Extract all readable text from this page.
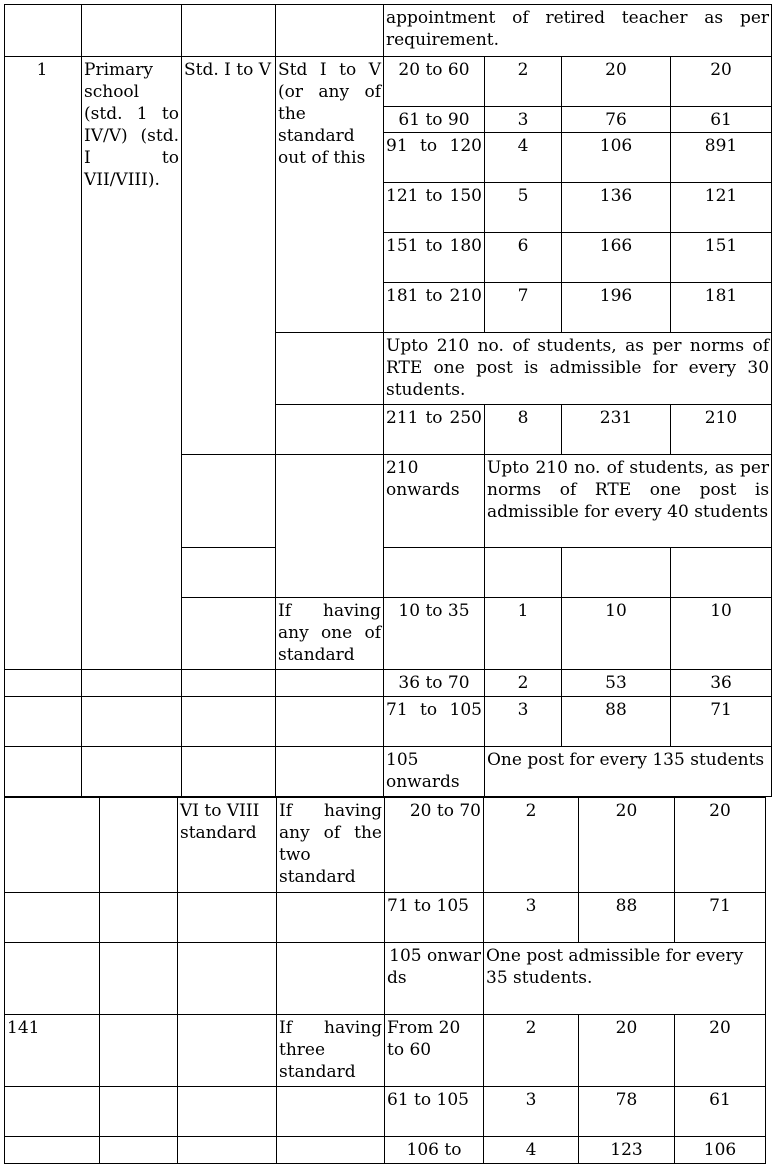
				appointment of retired teacher as per requirement.			
1	Primary school (std. 1 to IV/V) (std. I to VII/VIII).	Std. I to V	Std I to V (or any of the standard out of this	20 to 60	2	20	20
				61 to 90	3	76	61
				91 to 120	4	106	891
				121 to 150	5	136	121
				151 to 180	6	166	151
				181 to 210	7	196	181
				Upto 210 no. of students, as per norms of RTE one post is admissible for every 30 students.			
				211 to 250	8	231	210
				210 onwards	Upto 210 no. of students, as per norms of RTE one post is admissible for every 40 students		

			If having any one of standard	10 to 35	1	10	10
				36 to 70	2	53	36
				71 to 105	3	88	71
				105 onwards	One post for every 135 students		
		VI to VIII standard	If having any of the two standard	20 to 70	2	20	20
				71 to 105	3	88	71
				105 onwards	One post admissible for every 35 students.		
141			If having three standard	From 20 to 60	2	20	20
				61 to 105	3	78	61
				106 to	4	123	106
